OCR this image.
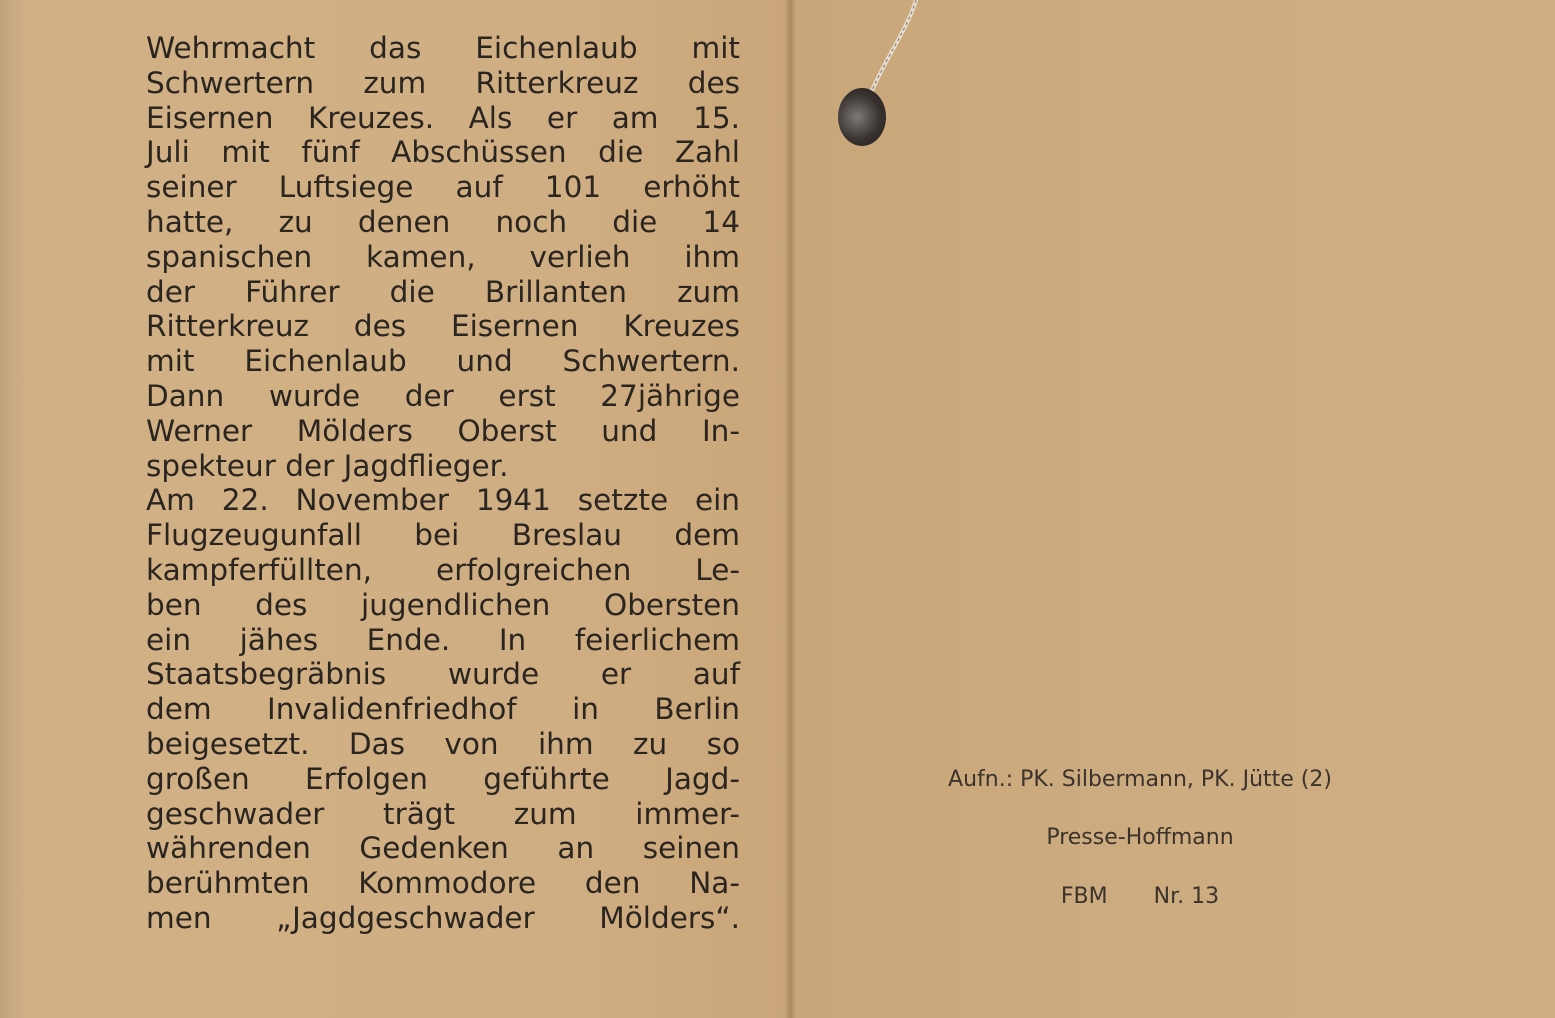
Wehrmacht das Eichenlaub mit
Schwertern zum Ritterkreuz des
Eisernen Kreuzes. Als er am 15.
Juli mit fünf Abschüssen die Zahl
seiner Luftsiege auf 101 erhöht
hatte, zu denen noch die 14
spanischen kamen, verlieh ihm
der Führer die Brillanten zum
Ritterkreuz des Eisernen Kreuzes
mit Eichenlaub und Schwertern.
Dann wurde der erst 27jährige
Werner Mölders Oberst und In-
spekteur der Jagdflieger.
Am 22. November 1941 setzte ein
Flugzeugunfall bei Breslau dem
kampferfüllten, erfolgreichen Le-
ben des jugendlichen Obersten
ein jähes Ende. In feierlichem
Staatsbegräbnis wurde er auf
dem Invalidenfriedhof in Berlin
beigesetzt. Das von ihm zu so
großen Erfolgen geführte Jagd-
geschwader trägt zum immer-
währenden Gedenken an seinen
berühmten Kommodore den Na-
men „Jagdgeschwader Mölders“.
Aufn.: PK. Silbermann, PK. Jütte (2)
Presse-Hoffmann
FBM Nr. 13
